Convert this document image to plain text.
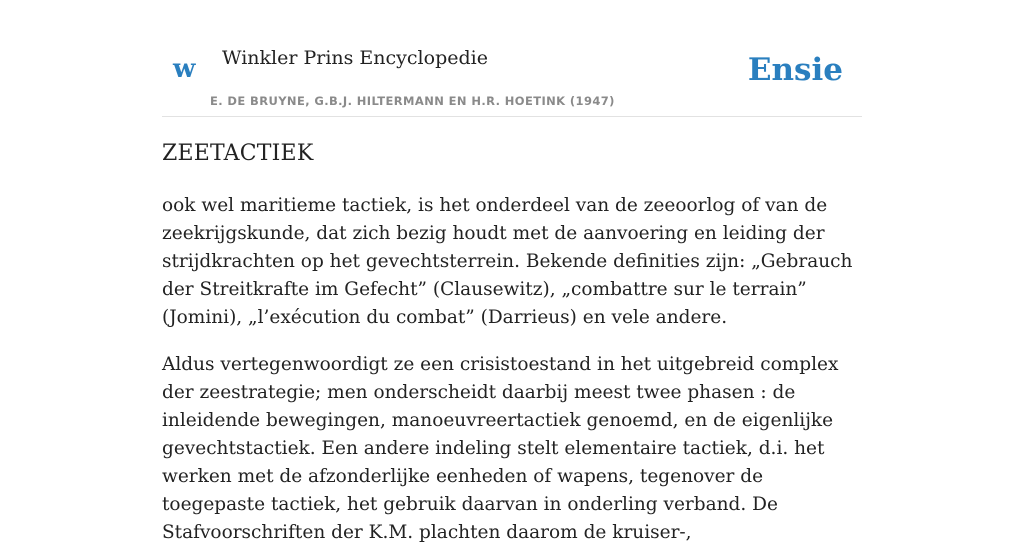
w Winkler Prins Encyclopedie
E. DE BRUYNE, G.B.J. HILTERMANN EN H.R. HOETINK (1947)
Ensie
ZEETACTIEK

ook wel maritieme tactiek, is het onderdeel van de zeeoorlog of van de zeekrijgskunde, dat zich bezig houdt met de aanvoering en leiding der strijdkrachten op het gevechtsterrein. Bekende definities zijn: „Gebrauch der Streitkrafte im Gefecht” (Clausewitz), „combattre sur le terrain” (Jomini), „l’exécution du combat” (Darrieus) en vele andere.

Aldus vertegenwoordigt ze een crisistoestand in het uitgebreid complex der zeestrategie; men onderscheidt daarbij meest twee phasen : de inleidende bewegingen, manoeuvreertactiek genoemd, en de eigenlijke gevechtstactiek. Een andere indeling stelt elementaire tactiek, d.i. het werken met de afzonderlijke eenheden of wapens, tegenover de toegepaste tactiek, het gebruik daarvan in onderling verband. De Stafvoorschriften der K.M. plachten daarom de kruiser-,
